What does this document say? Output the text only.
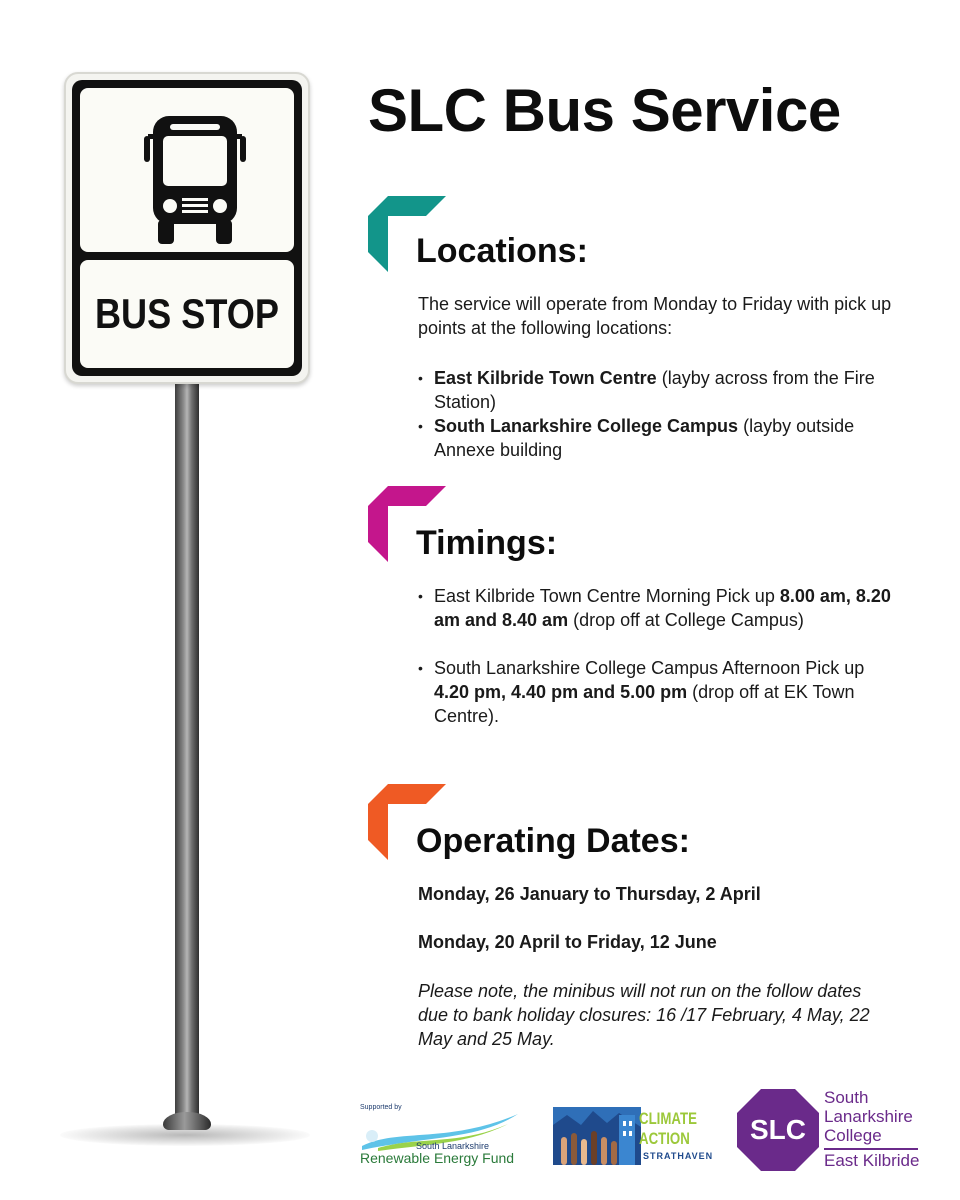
BUS STOP
SLC Bus Service
Locations:

The service will operate from Monday to Friday with pick up points at the following locations:

• East Kilbride Town Centre (layby across from the Fire Station)
• South Lanarkshire College Campus (layby outside Annexe building
Timings:
• East Kilbride Town Centre Morning Pick up 8.00 am, 8.20 am and 8.40 am (drop off at College Campus)
• South Lanarkshire College Campus Afternoon Pick up 4.20 pm, 4.40 pm and 5.00 pm (drop off at EK Town Centre).
Operating Dates:

Monday, 26 January to Thursday, 2 April

Monday, 20 April to Friday, 12 June

Please note, the minibus will not run on the follow dates due to bank holiday closures: 16 /17 February, 4 May, 22 May and 25 May.

Supported by
South Lanarkshire
Renewable Energy Fund
CLIMATE
ACTION
STRATHAVEN
SLC
South
Lanarkshire
College
East Kilbride
